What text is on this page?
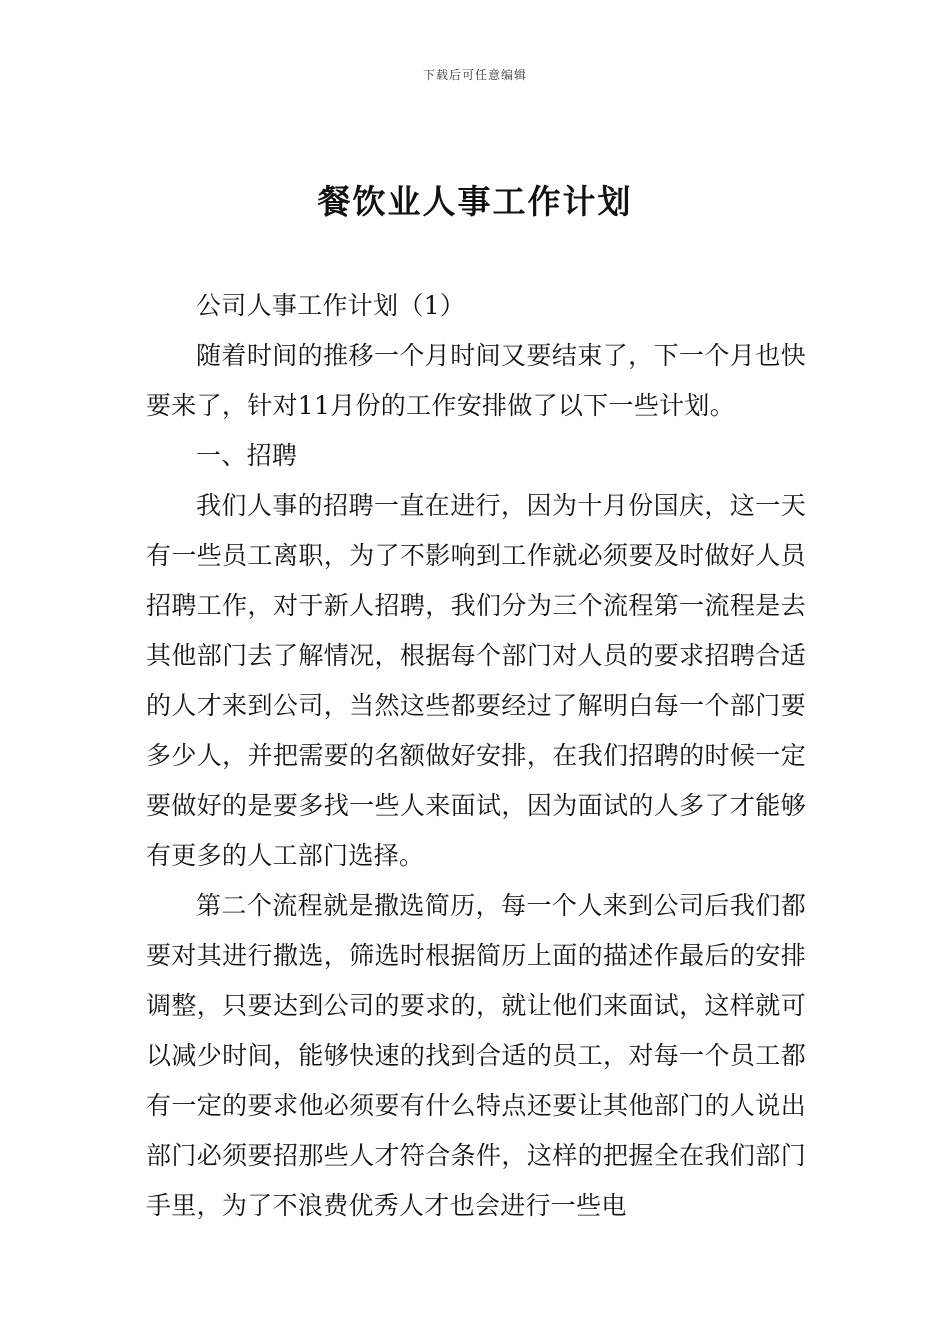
下载后可任意编辑
餐饮业人事工作计划

公司人事工作计划（1）

随着时间的推移一个月时间又要结束了，下一个月也快要来了，针对11月份的工作安排做了以下一些计划。

一、招聘

我们人事的招聘一直在进行，因为十月份国庆，这一天有一些员工离职，为了不影响到工作就必须要及时做好人员招聘工作，对于新人招聘，我们分为三个流程第一流程是去其他部门去了解情况，根据每个部门对人员的要求招聘合适的人才来到公司，当然这些都要经过了解明白每一个部门要多少人，并把需要的名额做好安排，在我们招聘的时候一定要做好的是要多找一些人来面试，因为面试的人多了才能够有更多的人工部门选择。

第二个流程就是撒选简历，每一个人来到公司后我们都要对其进行撒选，筛选时根据简历上面的描述作最后的安排调整，只要达到公司的要求的，就让他们来面试，这样就可以减少时间，能够快速的找到合适的员工，对每一个员工都有一定的要求他必须要有什么特点还要让其他部门的人说出部门必须要招那些人才符合条件，这样的把握全在我们部门手里，为了不浪费优秀人才也会进行一些电
